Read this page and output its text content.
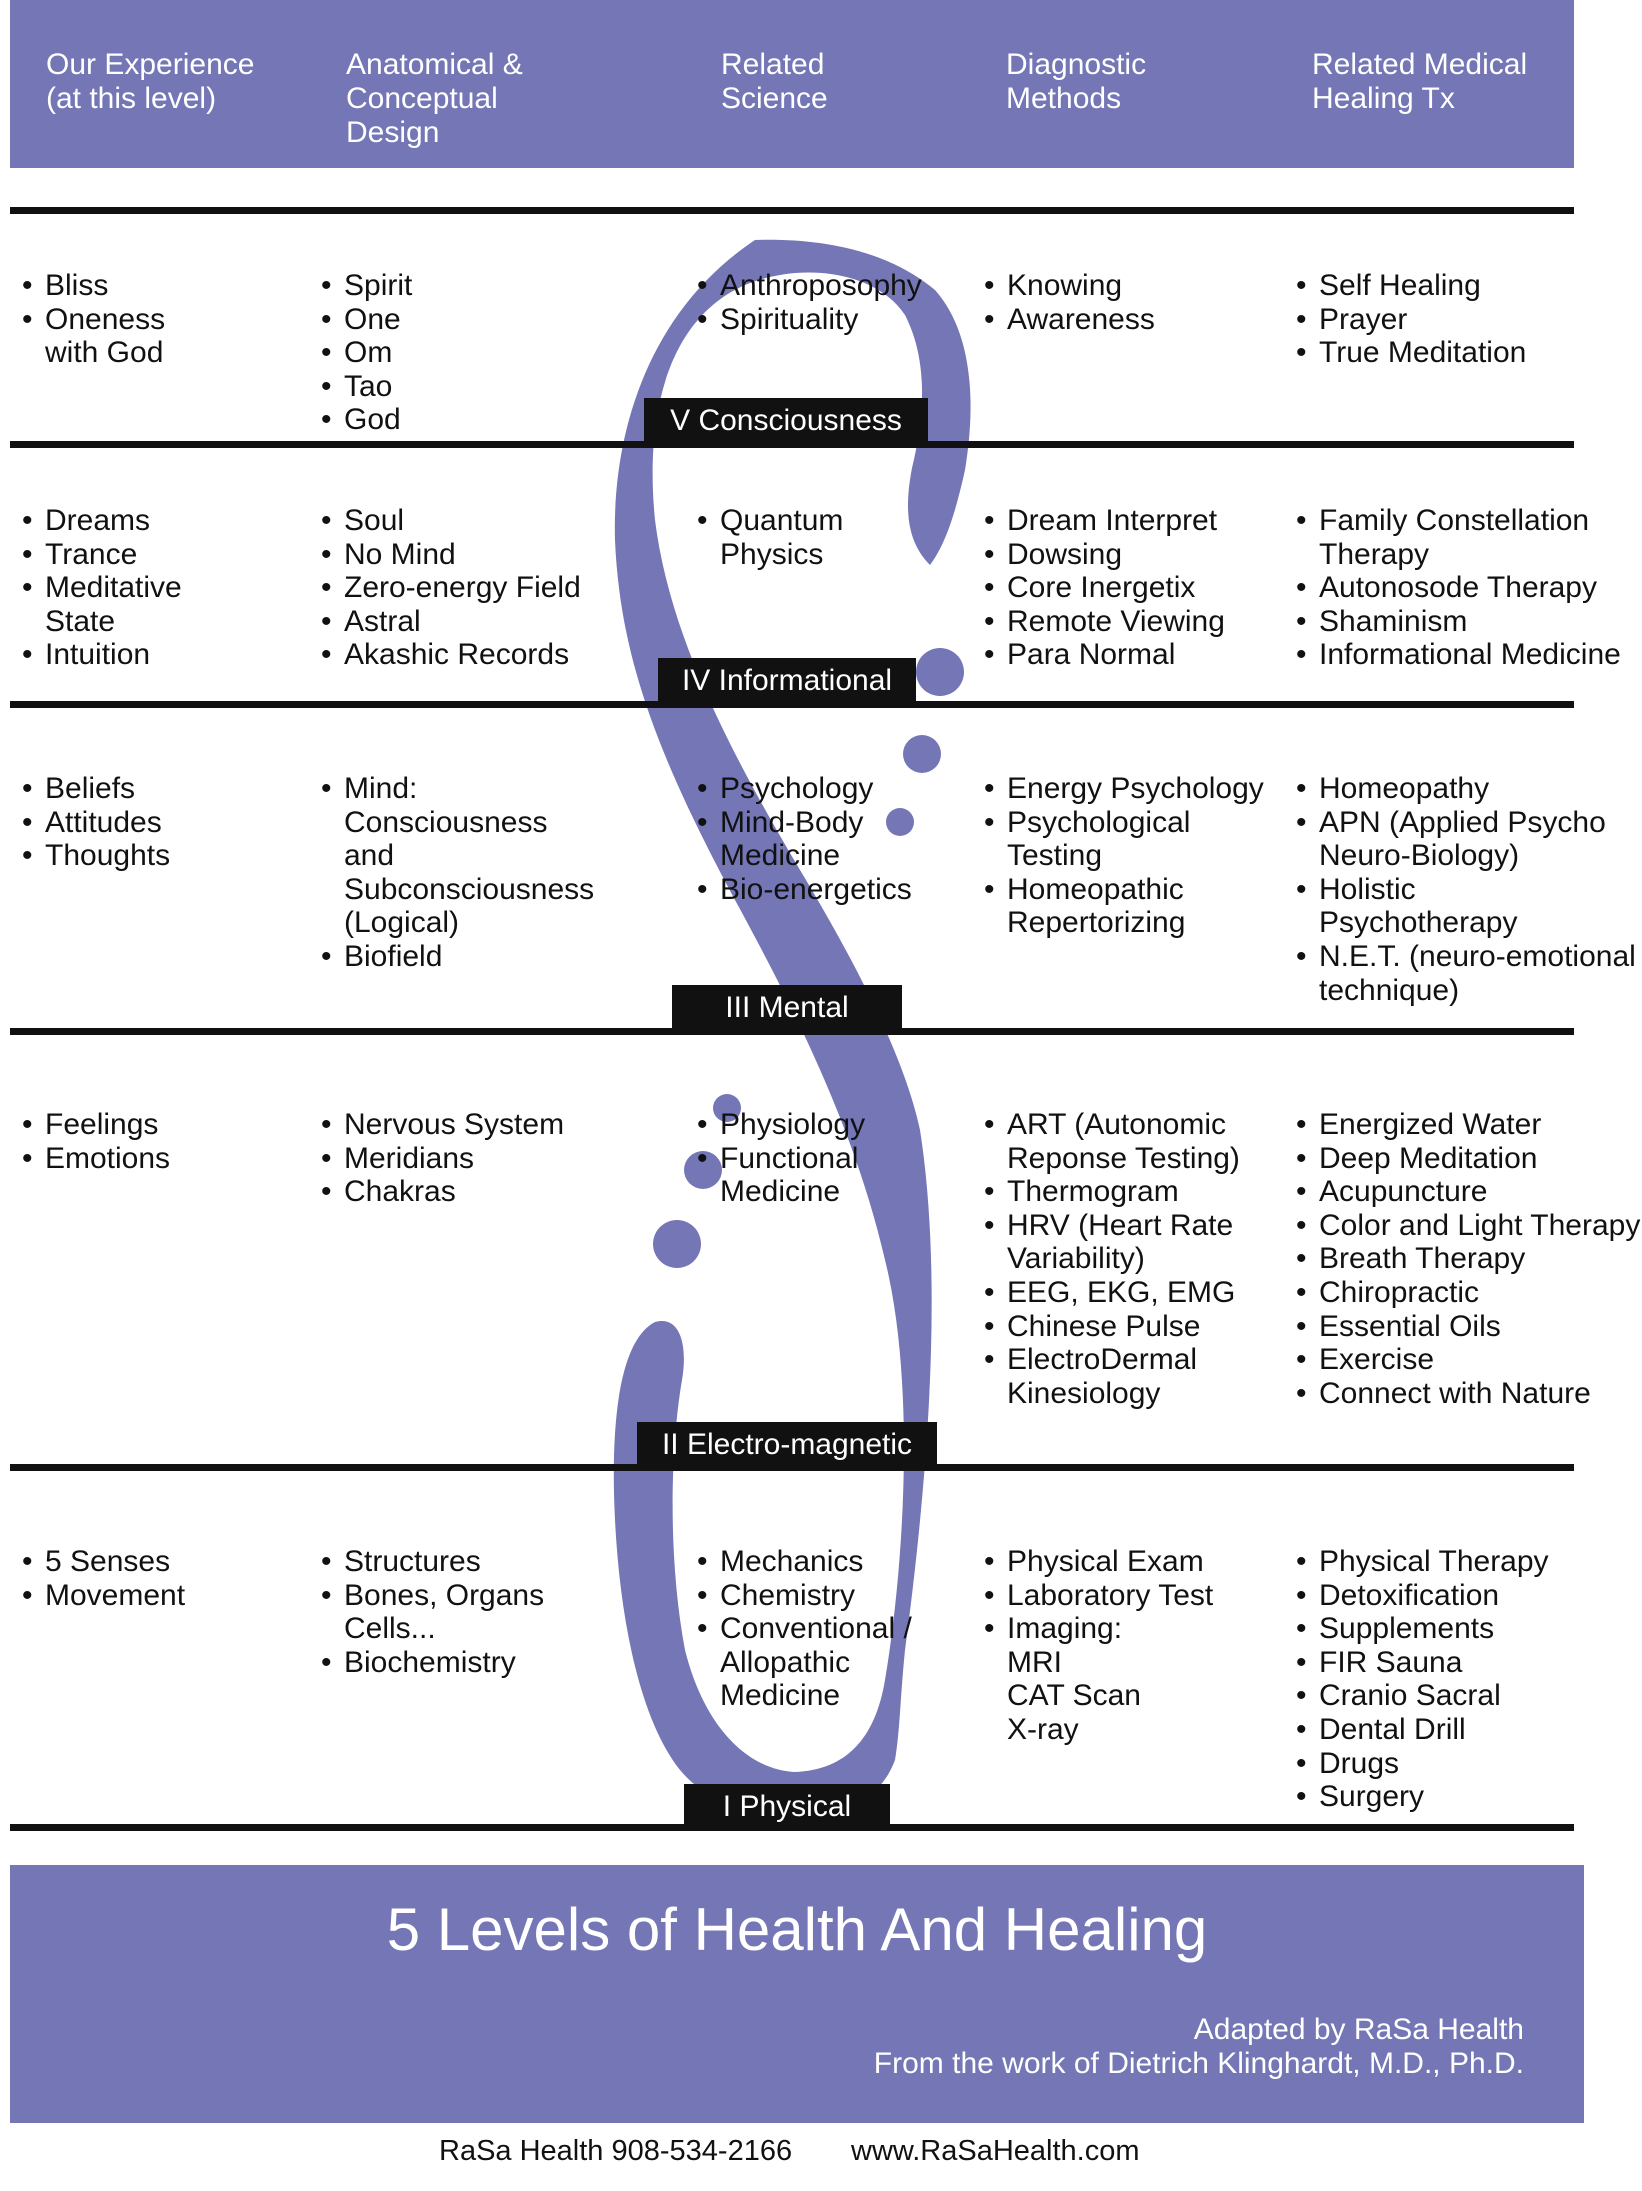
Our Experience
(at this level)
Anatomical &
Conceptual
Design
Related
Science
Diagnostic
Methods
Related Medical
Healing Tx
• Bliss
• Oneness
with God
• Spirit
• One
• Om
• Tao
• God
• Anthroposophy
• Spirituality
• Knowing
• Awareness
• Self Healing
• Prayer
• True Meditation
V Consciousness
• Dreams
• Trance
• Meditative
State
• Intuition
• Soul
• No Mind
• Zero-energy Field
• Astral
• Akashic Records
• Quantum
Physics
• Dream Interpret
• Dowsing
• Core Inergetix
• Remote Viewing
• Para Normal
• Family Constellation
Therapy
• Autonosode Therapy
• Shaminism
• Informational Medicine
IV Informational
• Beliefs
• Attitudes
• Thoughts
• Mind:
Consciousness
and
Subconsciousness
(Logical)
• Biofield
• Psychology
• Mind-Body
Medicine
• Bio-energetics
• Energy Psychology
• Psychological
Testing
• Homeopathic
Repertorizing
• Homeopathy
• APN (Applied Psycho
Neuro-Biology)
• Holistic
Psychotherapy
• N.E.T. (neuro-emotional
technique)
III Mental
• Feelings
• Emotions
• Nervous System
• Meridians
• Chakras
• Physiology
• Functional
Medicine
• ART (Autonomic
Reponse Testing)
• Thermogram
• HRV (Heart Rate
Variability)
• EEG, EKG, EMG
• Chinese Pulse
• ElectroDermal
Kinesiology
• Energized Water
• Deep Meditation
• Acupuncture
• Color and Light Therapy
• Breath Therapy
• Chiropractic
• Essential Oils
• Exercise
• Connect with Nature
II Electro-magnetic
• 5 Senses
• Movement
• Structures
• Bones, Organs
Cells...
• Biochemistry
• Mechanics
• Chemistry
• Conventional /
Allopathic
Medicine
• Physical Exam
• Laboratory Test
• Imaging:
MRI
CAT Scan
X-ray
• Physical Therapy
• Detoxification
• Supplements
• FIR Sauna
• Cranio Sacral
• Dental Drill
• Drugs
• Surgery
I Physical
5 Levels of Health And Healing
Adapted by RaSa Health
From the work of Dietrich Klinghardt, M.D., Ph.D.
RaSa Health 908-534-2166 www.RaSaHealth.com
